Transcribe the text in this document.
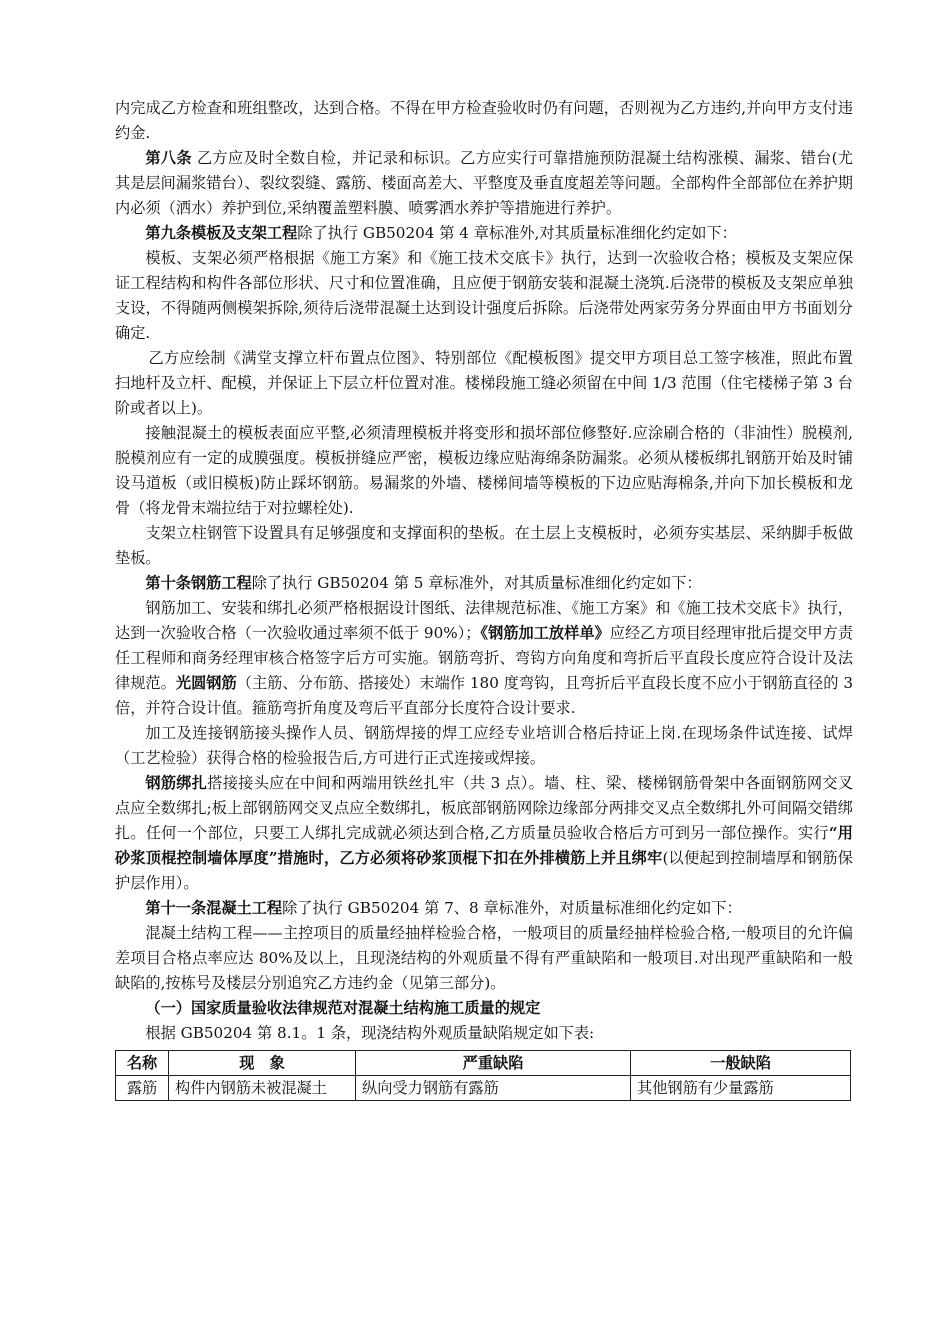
内完成乙方检查和班组整改，达到合格。不得在甲方检查验收时仍有问题，否则视为乙方违约,并向甲方支付违约金.

第八条 乙方应及时全数自检，并记录和标识。乙方应实行可靠措施预防混凝土结构涨模、漏浆、错台(尤其是层间漏浆错台）、裂纹裂缝、露筋、楼面高差大、平整度及垂直度超差等问题。全部构件全部部位在养护期内必须（洒水）养护到位,采纳覆盖塑料膜、喷雾洒水养护等措施进行养护。

第九条模板及支架工程除了执行 GB50204 第 4 章标准外,对其质量标准细化约定如下：

模板、支架必须严格根据《施工方案》和《施工技术交底卡》执行，达到一次验收合格；模板及支架应保证工程结构和构件各部位形状、尺寸和位置准确，且应便于钢筋安装和混凝土浇筑.后浇带的模板及支架应单独支设，不得随两侧模架拆除,须待后浇带混凝土达到设计强度后拆除。后浇带处两家劳务分界面由甲方书面划分确定.

乙方应绘制《满堂支撑立杆布置点位图》、特别部位《配模板图》提交甲方项目总工签字核准，照此布置扫地杆及立杆、配模，并保证上下层立杆位置对准。楼梯段施工缝必须留在中间 1/3 范围（住宅楼梯子第 3 台阶或者以上)。

接触混凝土的模板表面应平整,必须清理模板并将变形和损坏部位修整好.应涂刷合格的（非油性）脱模剂,脱模剂应有一定的成膜强度。模板拼缝应严密，模板边缘应贴海绵条防漏浆。必须从楼板绑扎钢筋开始及时铺设马道板（或旧模板)防止踩坏钢筋。易漏浆的外墙、楼梯间墙等模板的下边应贴海棉条,并向下加长模板和龙骨（将龙骨末端拉结于对拉螺栓处).

支架立柱钢管下设置具有足够强度和支撑面积的垫板。在土层上支模板时，必须夯实基层、采纳脚手板做垫板。

第十条钢筋工程除了执行 GB50204 第 5 章标准外，对其质量标准细化约定如下：

钢筋加工、安装和绑扎必须严格根据设计图纸、法律规范标准、《施工方案》和《施工技术交底卡》执行，达到一次验收合格（一次验收通过率须不低于 90%）；《钢筋加工放样单》应经乙方项目经理审批后提交甲方责任工程师和商务经理审核合格签字后方可实施。钢筋弯折、弯钩方向角度和弯折后平直段长度应符合设计及法律规范。光圆钢筋（主筋、分布筋、搭接处）末端作 180 度弯钩，且弯折后平直段长度不应小于钢筋直径的 3 倍，并符合设计值。箍筋弯折角度及弯后平直部分长度符合设计要求.

加工及连接钢筋接头操作人员、钢筋焊接的焊工应经专业培训合格后持证上岗.在现场条件试连接、试焊（工艺检验）获得合格的检验报告后,方可进行正式连接或焊接。

钢筋绑扎搭接接头应在中间和两端用铁丝扎牢（共 3 点）。墙、柱、梁、楼梯钢筋骨架中各面钢筋网交叉点应全数绑扎;板上部钢筋网交叉点应全数绑扎，板底部钢筋网除边缘部分两排交叉点全数绑扎外可间隔交错绑扎。任何一个部位，只要工人绑扎完成就必须达到合格,乙方质量员验收合格后方可到另一部位操作。实行“用砂浆顶棍控制墙体厚度”措施时，乙方必须将砂浆顶棍下扣在外排横筋上并且绑牢(以便起到控制墙厚和钢筋保护层作用）。

第十一条混凝土工程除了执行 GB50204 第 7、8 章标准外，对质量标准细化约定如下：

混凝土结构工程——主控项目的质量经抽样检验合格，一般项目的质量经抽样检验合格,一般项目的允许偏差项目合格点率应达 80%及以上，且现浇结构的外观质量不得有严重缺陷和一般项目.对出现严重缺陷和一般缺陷的,按栋号及楼层分别追究乙方违约金（见第三部分)。

（一）国家质量验收法律规范对混凝土结构施工质量的规定

根据 GB50204 第 8.1。1 条，现浇结构外观质量缺陷规定如下表:

名称	现　象	严重缺陷	一般缺陷
露筋	构件内钢筋未被混凝土	纵向受力钢筋有露筋	其他钢筋有少量露筋
